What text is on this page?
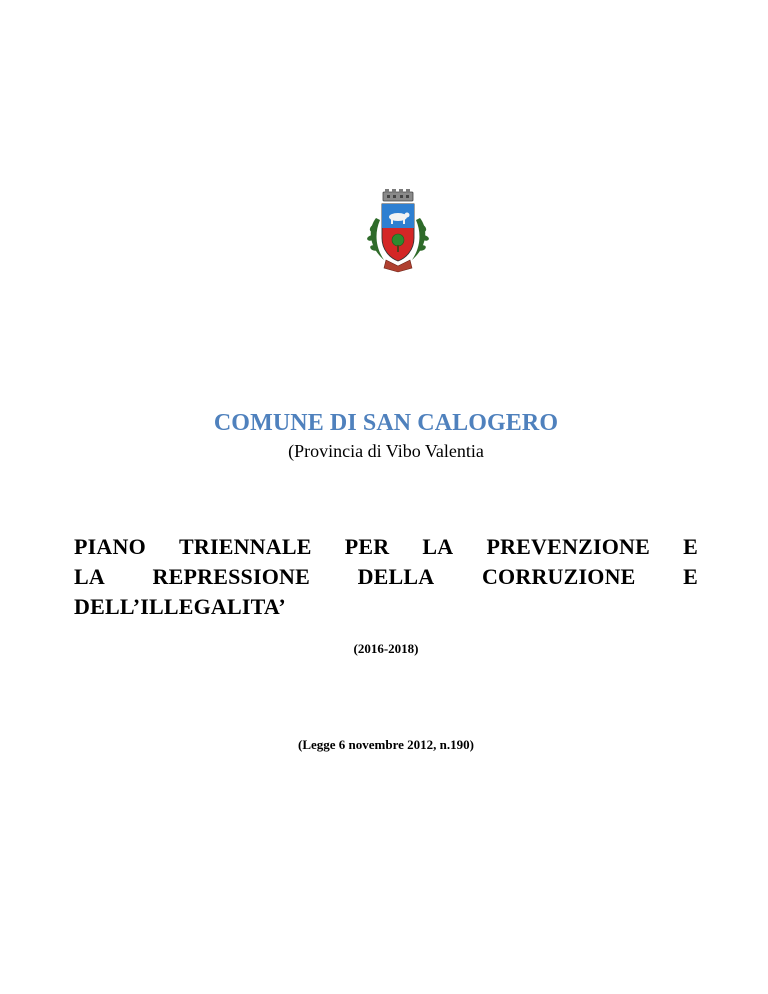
COMUNE DI SAN CALOGERO
(Provincia di Vibo Valentia
PIANO TRIENNALE PER LA PREVENZIONE E
LA REPRESSIONE DELLA CORRUZIONE E
DELL’ILLEGALITA’
(2016-2018)
(Legge 6 novembre 2012, n.190)
